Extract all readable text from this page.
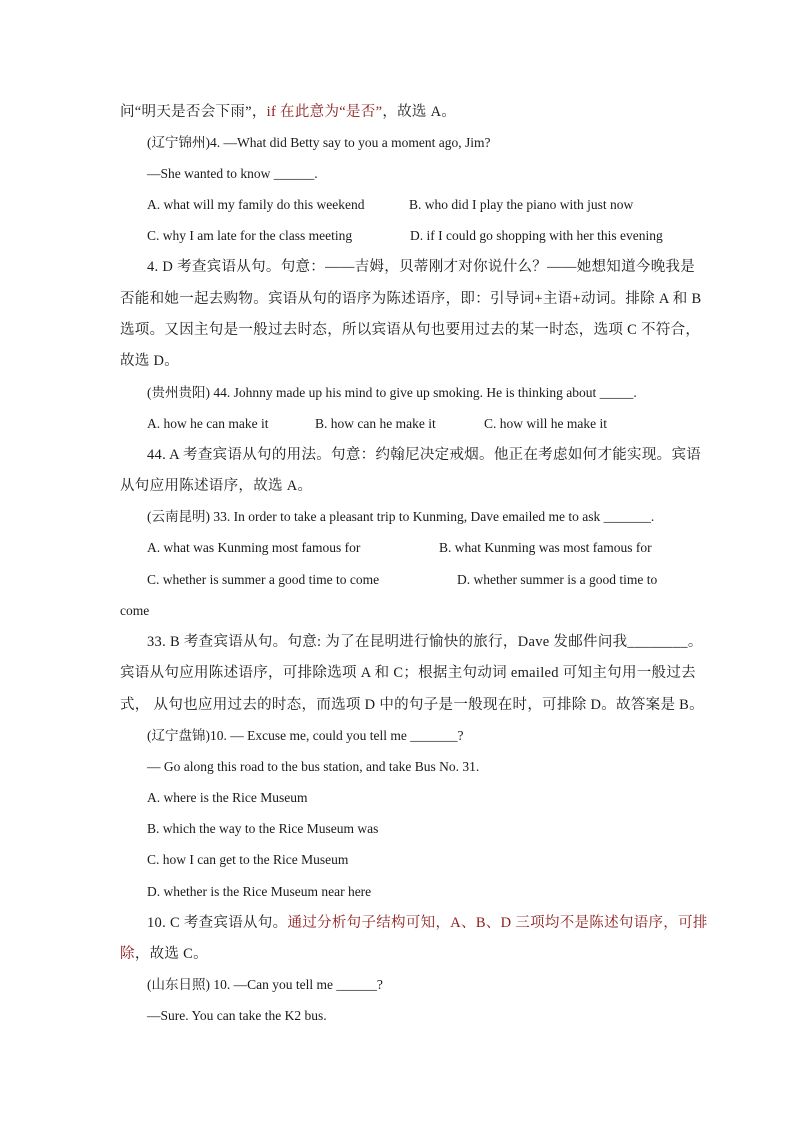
问“明天是否会下雨”，if 在此意为“是否”，故选 A。
(辽宁锦州)4. —What did Betty say to you a moment ago, Jim?
—She wanted to know ______.
A. what will my family do this weekend	B. who did I play the piano with just now
C. why I am late for the class meeting	D. if I could go shopping with her this evening
4. D 考查宾语从句。句意：——吉姆，贝蒂刚才对你说什么？——她想知道今晚我是
否能和她一起去购物。宾语从句的语序为陈述语序，即：引导词+主语+动词。排除 A 和 B
选项。又因主句是一般过去时态，所以宾语从句也要用过去的某一时态，选项 C 不符合，
故选 D。
(贵州贵阳) 44. Johnny made up his mind to give up smoking. He is thinking about _____.
A. how he can make it	B. how can he make it	C. how will he make it
44. A 考查宾语从句的用法。句意：约翰尼决定戒烟。他正在考虑如何才能实现。宾语
从句应用陈述语序，故选 A。
(云南昆明) 33. In order to take a pleasant trip to Kunming, Dave emailed me to ask _______.
A. what was Kunming most famous for	B. what Kunming was most famous for
C. whether is summer a good time to come	D. whether summer is a good time to
come
33. B 考查宾语从句。句意: 为了在昆明进行愉快的旅行，Dave 发邮件问我________。
宾语从句应用陈述语序，可排除选项 A 和 C；根据主句动词 emailed 可知主句用一般过去
式， 从句也应用过去的时态，而选项 D 中的句子是一般现在时，可排除 D。故答案是 B。
(辽宁盘锦)10. — Excuse me, could you tell me _______?
— Go along this road to the bus station, and take Bus No. 31.
A. where is the Rice Museum
B. which the way to the Rice Museum was
C. how I can get to the Rice Museum
D. whether is the Rice Museum near here
10. C 考查宾语从句。通过分析句子结构可知，A、B、D 三项均不是陈述句语序，可排
除，故选 C。
(山东日照) 10. —Can you tell me ______?
—Sure. You can take the K2 bus.
